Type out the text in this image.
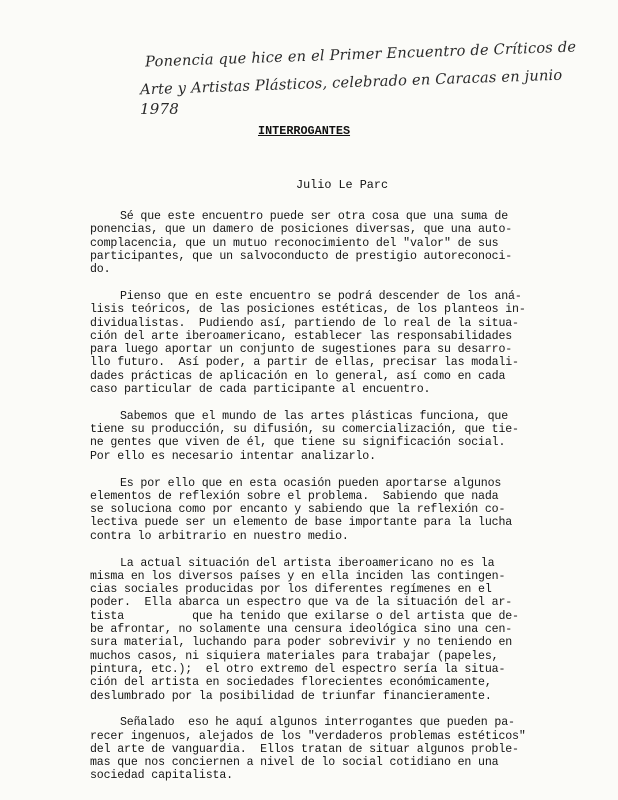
Ponencia que hice en el Primer Encuentro de Críticos de
Arte y Artistas Plásticos, celebrado en Caracas en junio
1978
INTERROGANTES
Julio Le Parc
Sé que este encuentro puede ser otra cosa que una suma de
ponencias, que un damero de posiciones diversas, que una auto-
complacencia, que un mutuo reconocimiento del "valor" de sus
participantes, que un salvoconducto de prestigio autoreconoci-
do.
Pienso que en este encuentro se podrá descender de los aná-
lisis teóricos, de las posiciones estéticas, de los planteos in-
dividualistas.  Pudiendo así, partiendo de lo real de la situa-
ción del arte iberoamericano, establecer las responsabilidades
para luego aportar un conjunto de sugestiones para su desarro-
llo futuro.  Así poder, a partir de ellas, precisar las modali-
dades prácticas de aplicación en lo general, así como en cada
caso particular de cada participante al encuentro.
Sabemos que el mundo de las artes plásticas funciona, que
tiene su producción, su difusión, su comercialización, que tie-
ne gentes que viven de él, que tiene su significación social.
Por ello es necesario intentar analizarlo.
Es por ello que en esta ocasión pueden aportarse algunos
elementos de reflexión sobre el problema.  Sabiendo que nada
se soluciona como por encanto y sabiendo que la reflexión co-
lectiva puede ser un elemento de base importante para la lucha
contra lo arbitrario en nuestro medio.
La actual situación del artista iberoamericano no es la
misma en los diversos países y en ella inciden las contingen-
cias sociales producidas por los diferentes regímenes en el
poder.  Ella abarca un espectro que va de la situación del ar-
tista          que ha tenido que exilarse o del artista que de-
be afrontar, no solamente una censura ideológica sino una cen-
sura material, luchando para poder sobrevivir y no teniendo en
muchos casos, ni siquiera materiales para trabajar (papeles,
pintura, etc.);  el otro extremo del espectro sería la situa-
ción del artista en sociedades florecientes económicamente,
deslumbrado por la posibilidad de triunfar financieramente.
Señalado  eso he aquí algunos interrogantes que pueden pa-
recer ingenuos, alejados de los "verdaderos problemas estéticos"
del arte de vanguardia.  Ellos tratan de situar algunos proble-
mas que nos conciernen a nivel de lo social cotidiano en una
sociedad capitalista.
